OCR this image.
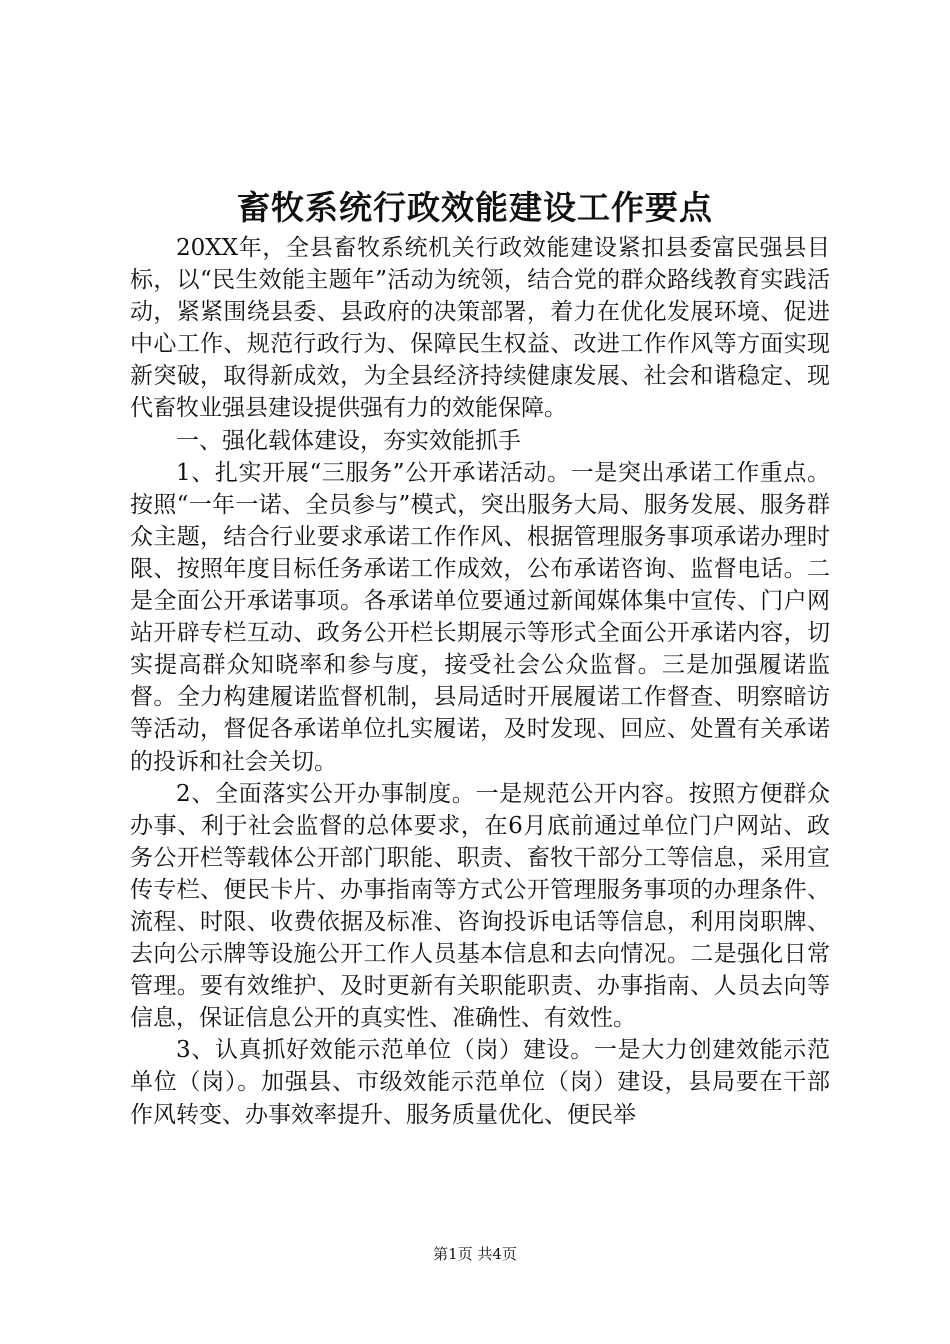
畜牧系统行政效能建设工作要点

20XX年，全县畜牧系统机关行政效能建设紧扣县委富民强县目标，以“民生效能主题年”活动为统领，结合党的群众路线教育实践活动，紧紧围绕县委、县政府的决策部署，着力在优化发展环境、促进中心工作、规范行政行为、保障民生权益、改进工作作风等方面实现新突破，取得新成效，为全县经济持续健康发展、社会和谐稳定、现代畜牧业强县建设提供强有力的效能保障。

一、强化载体建设，夯实效能抓手

1、扎实开展“三服务”公开承诺活动。一是突出承诺工作重点。按照“一年一诺、全员参与”模式，突出服务大局、服务发展、服务群众主题，结合行业要求承诺工作作风、根据管理服务事项承诺办理时限、按照年度目标任务承诺工作成效，公布承诺咨询、监督电话。二是全面公开承诺事项。各承诺单位要通过新闻媒体集中宣传、门户网站开辟专栏互动、政务公开栏长期展示等形式全面公开承诺内容，切实提高群众知晓率和参与度，接受社会公众监督。三是加强履诺监督。全力构建履诺监督机制，县局适时开展履诺工作督查、明察暗访等活动，督促各承诺单位扎实履诺，及时发现、回应、处置有关承诺的投诉和社会关切。

2、全面落实公开办事制度。一是规范公开内容。按照方便群众办事、利于社会监督的总体要求，在6月底前通过单位门户网站、政务公开栏等载体公开部门职能、职责、畜牧干部分工等信息，采用宣传专栏、便民卡片、办事指南等方式公开管理服务事项的办理条件、流程、时限、收费依据及标准、咨询投诉电话等信息，利用岗职牌、去向公示牌等设施公开工作人员基本信息和去向情况。二是强化日常管理。要有效维护、及时更新有关职能职责、办事指南、人员去向等信息，保证信息公开的真实性、准确性、有效性。

3、认真抓好效能示范单位（岗）建设。一是大力创建效能示范单位（岗）。加强县、市级效能示范单位（岗）建设，县局要在干部作风转变、办事效率提升、服务质量优化、便民举

第1页 共4页
